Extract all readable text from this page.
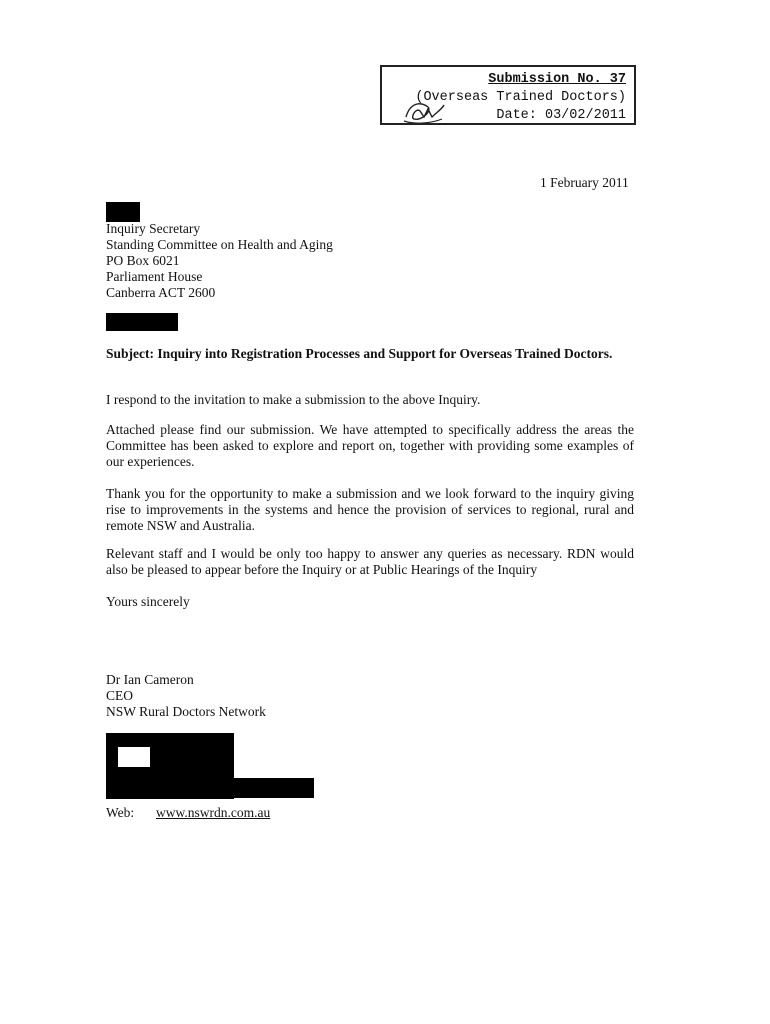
Submission No. 37
(Overseas Trained Doctors)
Date: 03/02/2011
1 February 2011
Inquiry Secretary
Standing Committee on Health and Aging
PO Box 6021
Parliament House
Canberra ACT 2600
Subject: Inquiry into Registration Processes and Support for Overseas Trained Doctors.
I respond to the invitation to make a submission to the above Inquiry.
Attached please find our submission. We have attempted to specifically address the areas the Committee has been asked to explore and report on, together with providing some examples of our experiences.
Thank you for the opportunity to make a submission and we look forward to the inquiry giving rise to improvements in the systems and hence the provision of services to regional, rural and remote NSW and Australia.
Relevant staff and I would be only too happy to answer any queries as necessary. RDN would also be pleased to appear before the Inquiry or at Public Hearings of the Inquiry
Yours sincerely
Dr Ian Cameron
CEO
NSW Rural Doctors Network
Web: www.nswrdn.com.au
